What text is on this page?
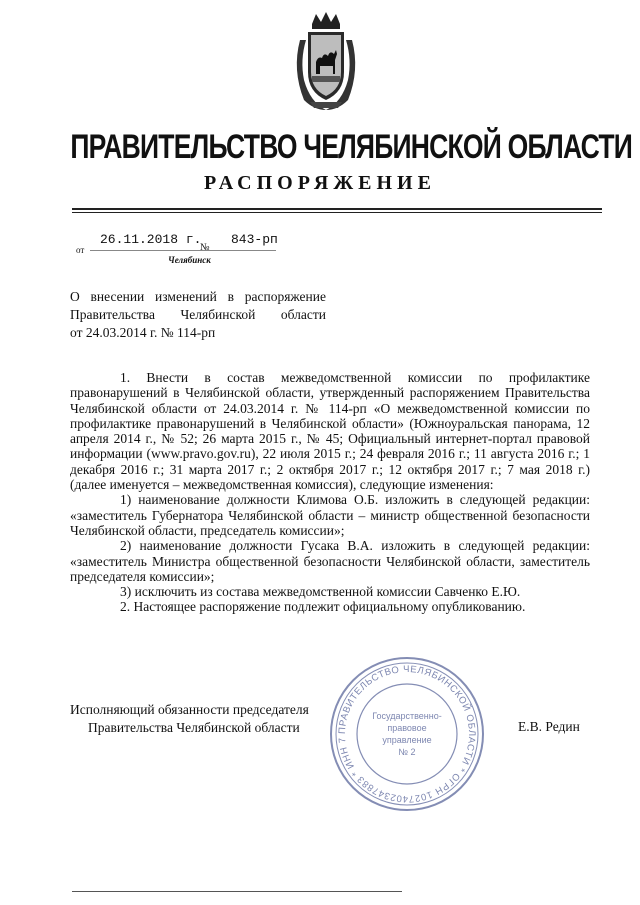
ПРАВИТЕЛЬСТВО ЧЕЛЯБИНСКОЙ ОБЛАСТИ
РАСПОРЯЖЕНИЕ
от
26.11.2018 г.
№
843-рп
Челябинск
О внесении изменений в распоряжение
Правительства Челябинской области
от 24.03.2014 г. № 114-рп

1. Внести в состав межведомственной комиссии по профилактике правонарушений в Челябинской области, утвержденный распоряжением Правительства Челябинской области от 24.03.2014 г. № 114-рп «О межведомственной комиссии по профилактике правонарушений в Челябинской области» (Южноуральская панорама, 12 апреля 2014 г., № 52; 26 марта 2015 г., № 45; Официальный интернет-портал правовой информации (www.pravo.gov.ru), 22 июля 2015 г.; 24 февраля 2016 г.; 11 августа 2016 г.; 1 декабря 2016 г.; 31 марта 2017 г.; 2 октября 2017 г.; 12 октября 2017 г.; 7 мая 2018 г.) (далее именуется – межведомственная комиссия), следующие изменения:

1) наименование должности Климова О.Б. изложить в следующей редакции: «заместитель Губернатора Челябинской области – министр общественной безопасности Челябинской области, председатель комиссии»;

2) наименование должности Гусака В.А. изложить в следующей редакции: «заместитель Министра общественной безопасности Челябинской области, заместитель председателя комиссии»;

3) исключить из состава межведомственной комиссии Савченко Е.Ю.

2. Настоящее распоряжение подлежит официальному опубликованию.

Исполняющий обязанности председателя
Правительства Челябинской области	Е.В. Редин
ПРАВИТЕЛЬСТВО ЧЕЛЯБИНСКОЙ ОБЛАСТИ * ОГРН 1027402347883 * ИНН 7
Государственно-
правовое
управление
№ 2
